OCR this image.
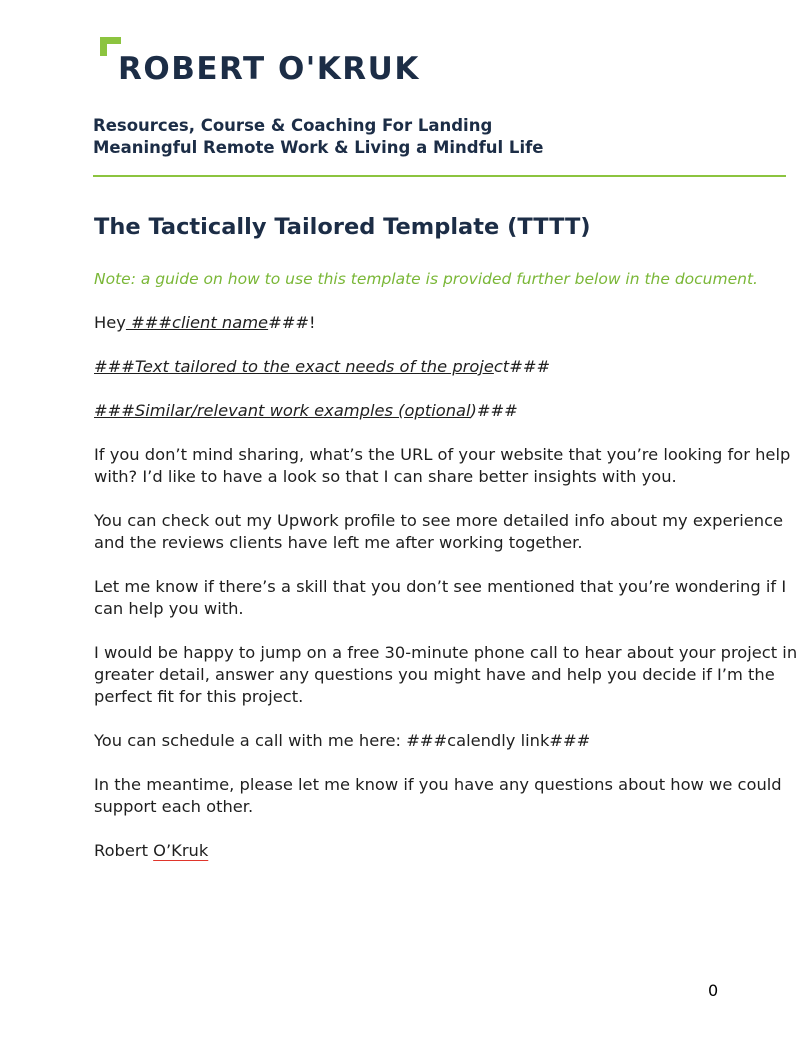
ROBERT O'KRUK
Resources, Course & Coaching For Landing
Meaningful Remote Work & Living a Mindful Life
The Tactically Tailored Template (TTTT)

Note: a guide on how to use this template is provided further below in the document.

Hey ###client name###!

###Text tailored to the exact needs of the project###

###Similar/relevant work examples (optional)###

If you don’t mind sharing, what’s the URL of your website that you’re looking for help with? I’d like to have a look so that I can share better insights with you.

You can check out my Upwork profile to see more detailed info about my experience and the reviews clients have left me after working together.

Let me know if there’s a skill that you don’t see mentioned that you’re wondering if I can help you with.

I would be happy to jump on a free 30-minute phone call to hear about your project in greater detail, answer any questions you might have and help you decide if I’m the perfect fit for this project.

You can schedule a call with me here: ###calendly link###

In the meantime, please let me know if you have any questions about how we could support each other.

Robert O’Kruk

0
